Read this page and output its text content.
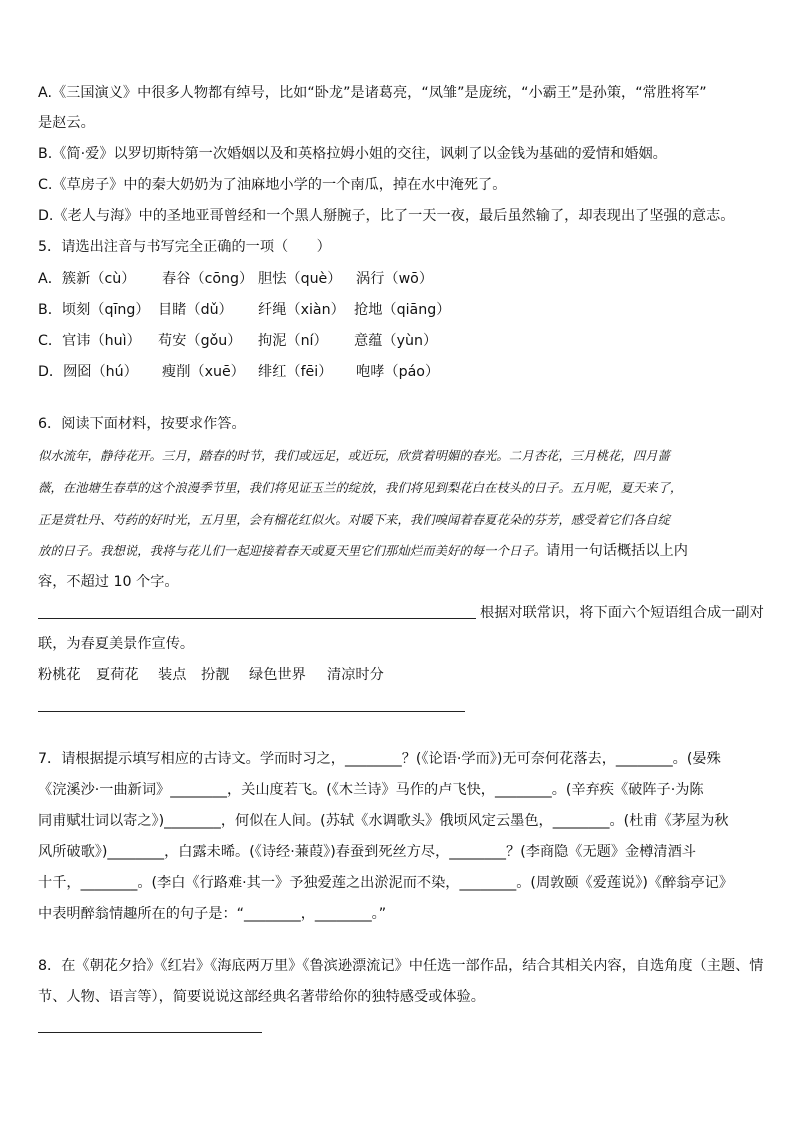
A.《三国演义》中很多人物都有绰号，比如“卧龙”是诸葛亮，“凤雏”是庞统，“小霸王”是孙策，“常胜将军”
是赵云。
B.《简·爱》以罗切斯特第一次婚姻以及和英格拉姆小姐的交往，讽刺了以金钱为基础的爱情和婚姻。
C.《草房子》中的秦大奶奶为了油麻地小学的一个南瓜，掉在水中淹死了。
D.《老人与海》中的圣地亚哥曾经和一个黑人掰腕子，比了一天一夜，最后虽然输了，却表现出了坚强的意志。
5．请选出注音与书写完全正确的一项（　　）
A．簇新（cù） 春谷（cōng） 胆怯（què） 涡行（wō）
B．顷刻（qīng） 目睹（dǔ） 纤绳（xiàn） 抢地（qiāng）
C．官讳（huì） 苟安（gǒu） 拘泥（ní） 意蕴（yùn）
D．囫囵（hú） 瘦削（xuē） 绯红（fēi） 咆哮（páo）
6．阅读下面材料，按要求作答。
似水流年，静待花开。三月，踏春的时节，我们或远足，或近玩，欣赏着明媚的春光。二月杏花，三月桃花，四月蔷
薇，在池塘生春草的这个浪漫季节里，我们将见证玉兰的绽放，我们将见到梨花白在枝头的日子。五月呢，夏天来了，
正是赏牡丹、芍药的好时光，五月里，会有榴花红似火。对暖下来，我们嗅闻着春夏花朵的芬芳，感受着它们各自绽
放的日子。我想说，我将与花儿们一起迎接着春天或夏天里它们那灿烂而美好的每一个日子。请用一句话概括以上内
容，不超过 10 个字。
根据对联常识，将下面六个短语组合成一副对
联，为春夏美景作宣传。
粉桃花 夏荷花 装点 扮靓 绿色世界 清凉时分
7．请根据提示填写相应的古诗文。学而时习之，________？(《论语·学而》)无可奈何花落去，________。(晏殊
《浣溪沙·一曲新词》________，关山度若飞。(《木兰诗》马作的卢飞快，________。(辛弃疾《破阵子·为陈
同甫赋壮词以寄之》)________，何似在人间。(苏轼《水调歌头》俄顷风定云墨色，________。(杜甫《茅屋为秋
风所破歌》)________，白露未晞。(《诗经·蒹葭》)春蚕到死丝方尽，________？(李商隐《无题》金樽清酒斗
十千，________。(李白《行路难·其一》予独爱莲之出淤泥而不染，________。(周敦颐《爱莲说》)《醉翁亭记》
中表明醉翁情趣所在的句子是：“________，________。”
8．在《朝花夕拾》《红岩》《海底两万里》《鲁滨逊漂流记》中任选一部作品，结合其相关内容，自选角度（主题、情
节、人物、语言等），简要说说这部经典名著带给你的独特感受或体验。
